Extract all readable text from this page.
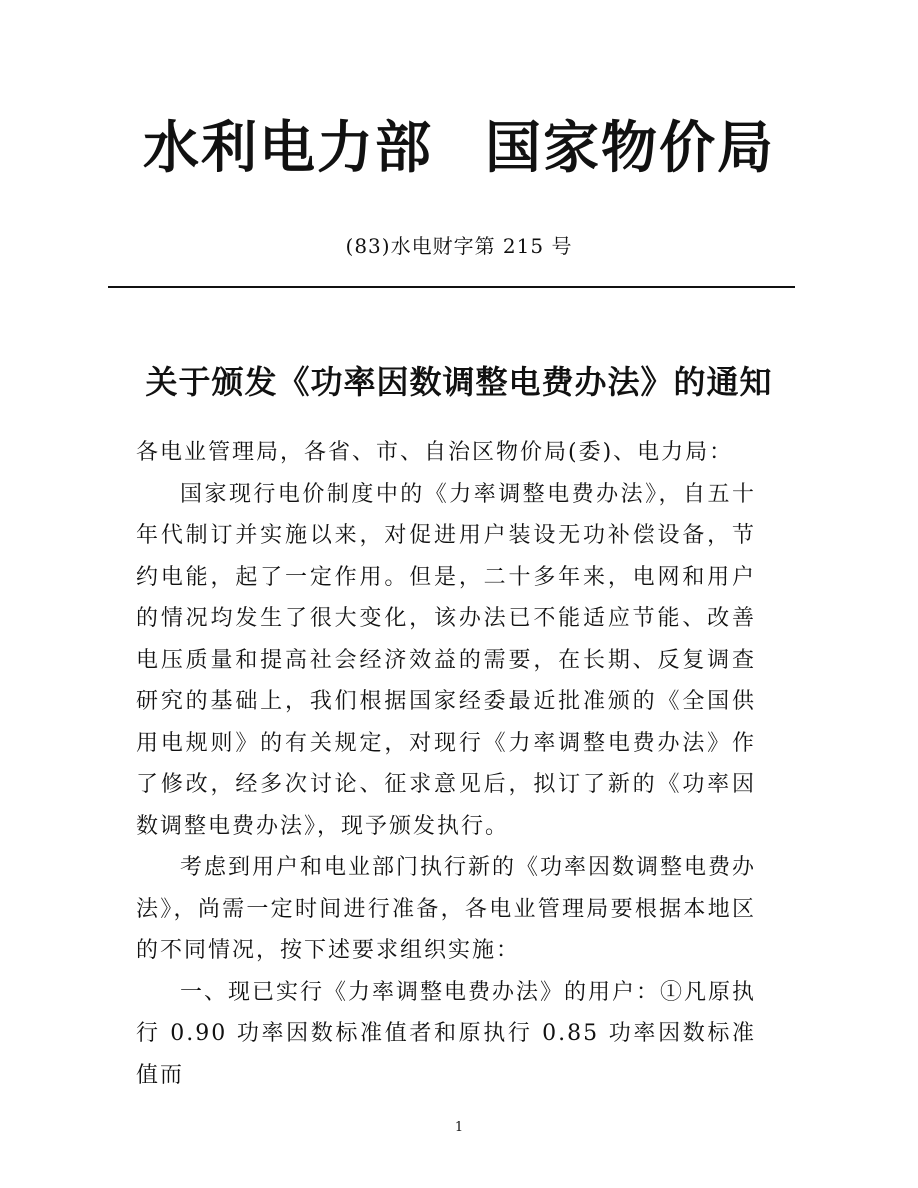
水利电力部 国家物价局
(83)水电财字第 215 号
关于颁发《功率因数调整电费办法》的通知

各电业管理局，各省、市、自治区物价局(委)、电力局：

国家现行电价制度中的《力率调整电费办法》，自五十年代制订并实施以来，对促进用户装设无功补偿设备，节约电能，起了一定作用。但是，二十多年来，电网和用户的情况均发生了很大变化，该办法已不能适应节能、改善电压质量和提高社会经济效益的需要，在长期、反复调查研究的基础上，我们根据国家经委最近批准颁的《全国供用电规则》的有关规定，对现行《力率调整电费办法》作了修改，经多次讨论、征求意见后，拟订了新的《功率因数调整电费办法》，现予颁发执行。

考虑到用户和电业部门执行新的《功率因数调整电费办法》，尚需一定时间进行准备，各电业管理局要根据本地区的不同情况，按下述要求组织实施：

一、现已实行《力率调整电费办法》的用户：①凡原执行 0.90 功率因数标准值者和原执行 0.85 功率因数标准值而

1
